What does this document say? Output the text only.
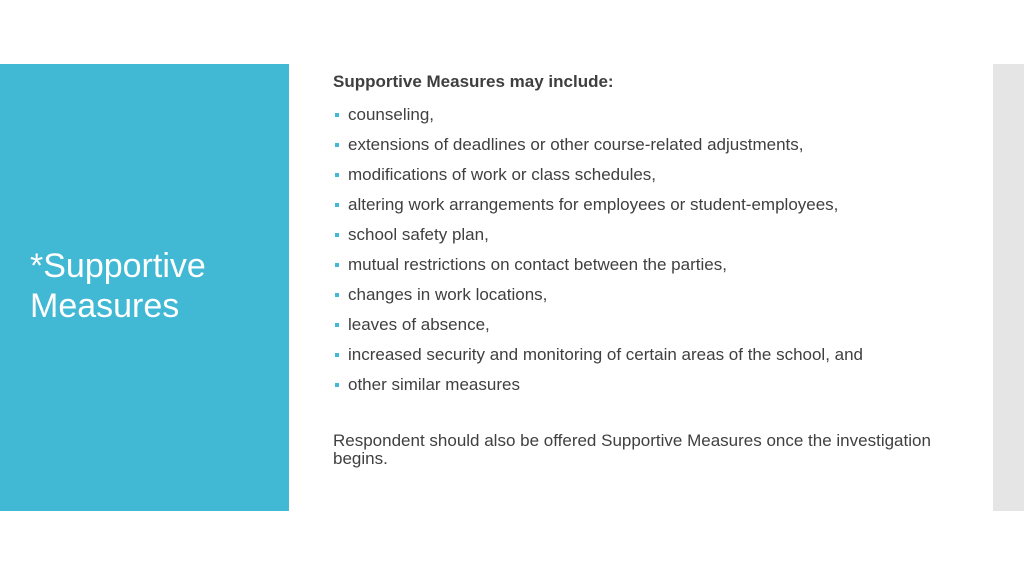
*Supportive Measures

Supportive Measures may include:

counseling,
extensions of deadlines or other course-related adjustments,
modifications of work or class schedules,
altering work arrangements for employees or student-employees,
school safety plan,
mutual restrictions on contact between the parties,
changes in work locations,
leaves of absence,
increased security and monitoring of certain areas of the school, and
other similar measures

Respondent should also be offered Supportive Measures once the investigation begins.
